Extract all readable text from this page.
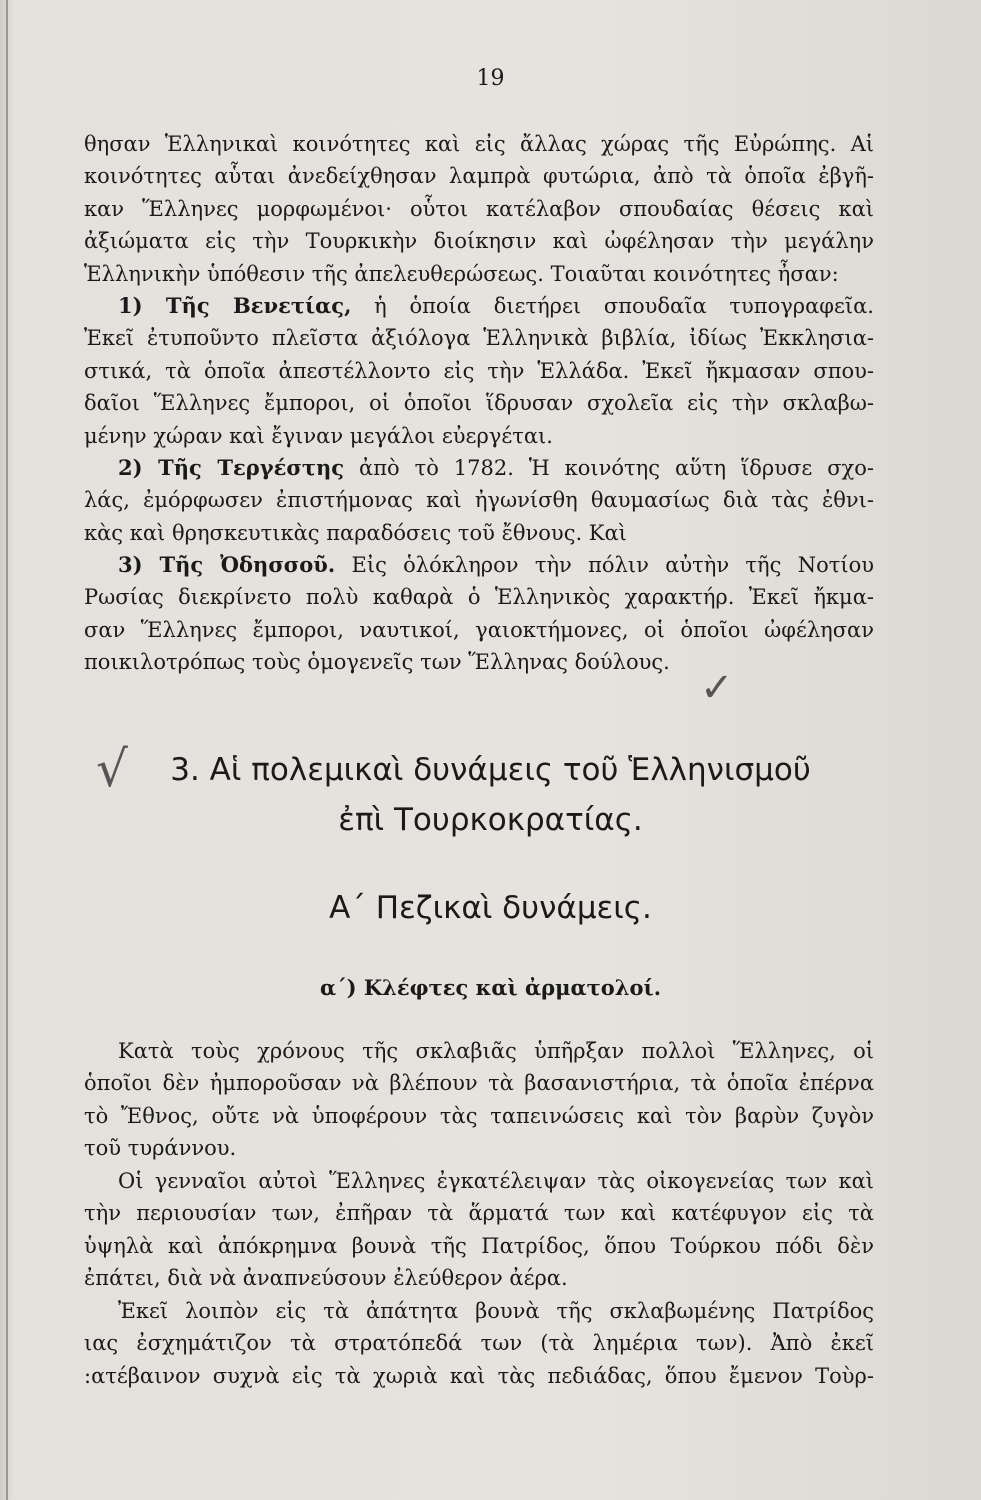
19
θησαν Ἑλληνικαὶ κοινότητες καὶ εἰς ἄλλας χώρας τῆς Εὐρώπης. Αἱ
κοινότητες αὗται ἀνεδείχθησαν λαμπρὰ φυτώρια, ἀπὸ τὰ ὁποῖα ἐβγῆ-
καν Ἕλληνες μορφωμένοι· οὗτοι κατέλαβον σπουδαίας θέσεις καὶ
ἀξιώματα εἰς τὴν Τουρκικὴν διοίκησιν καὶ ὠφέλησαν τὴν μεγάλην
Ἑλληνικὴν ὑπόθεσιν τῆς ἀπελευθερώσεως. Τοιαῦται κοινότητες ἦσαν:
1) Τῆς Βενετίας, ἡ ὁποία διετήρει σπουδαῖα τυπογραφεῖα.
Ἐκεῖ ἐτυποῦντο πλεῖστα ἀξιόλογα Ἑλληνικὰ βιβλία, ἰδίως Ἐκκλησια-
στικά, τὰ ὁποῖα ἀπεστέλλοντο εἰς τὴν Ἑλλάδα. Ἐκεῖ ἤκμασαν σπου-
δαῖοι Ἕλληνες ἔμποροι, οἱ ὁποῖοι ἵδρυσαν σχολεῖα εἰς τὴν σκλαβω-
μένην χώραν καὶ ἔγιναν μεγάλοι εὐεργέται.
2) Τῆς Τεργέστης ἀπὸ τὸ 1782. Ἡ κοινότης αὕτη ἵδρυσε σχο-
λάς, ἐμόρφωσεν ἐπιστήμονας καὶ ἠγωνίσθη θαυμασίως διὰ τὰς ἐθνι-
κὰς καὶ θρησκευτικὰς παραδόσεις τοῦ ἔθνους. Καὶ
3) Τῆς Ὀδησσοῦ. Εἰς ὁλόκληρον τὴν πόλιν αὐτὴν τῆς Νοτίου
Ρωσίας διεκρίνετο πολὺ καθαρὰ ὁ Ἑλληνικὸς χαρακτήρ. Ἐκεῖ ἤκμα-
σαν Ἕλληνες ἔμποροι, ναυτικοί, γαιοκτήμονες, οἱ ὁποῖοι ὠφέλησαν
ποικιλοτρόπως τοὺς ὁμογενεῖς των Ἕλληνας δούλους.
✓
√	3. Αἱ πολεμικαὶ δυνάμεις τοῦ Ἑλληνισμοῦ
ἐπὶ Τουρκοκρατίας.
Α΄ Πεζικαὶ δυνάμεις.
α΄) Κλέφτες καὶ ἀρματολοί.
Κατὰ τοὺς χρόνους τῆς σκλαβιᾶς ὑπῆρξαν πολλοὶ Ἕλληνες, οἱ
ὁποῖοι δὲν ἠμποροῦσαν νὰ βλέπουν τὰ βασανιστήρια, τὰ ὁποῖα ἐπέρνα
τὸ Ἔθνος, οὔτε νὰ ὑποφέρουν τὰς ταπεινώσεις καὶ τὸν βαρὺν ζυγὸν
τοῦ τυράννου.
Οἱ γενναῖοι αὐτοὶ Ἕλληνες ἐγκατέλειψαν τὰς οἰκογενείας των καὶ
τὴν περιουσίαν των, ἐπῆραν τὰ ἅρματά των καὶ κατέφυγον εἰς τὰ
ὑψηλὰ καὶ ἀπόκρημνα βουνὰ τῆς Πατρίδος, ὅπου Τούρκου πόδι δὲν
ἐπάτει, διὰ νὰ ἀναπνεύσουν ἐλεύθερον ἀέρα.
Ἐκεῖ λοιπὸν εἰς τὰ ἀπάτητα βουνὰ τῆς σκλαβωμένης Πατρίδος
ιας ἐσχημάτιζον τὰ στρατόπεδά των (τὰ λημέρια των). Ἀπὸ ἐκεῖ
:ατέβαινον συχνὰ εἰς τὰ χωριὰ καὶ τὰς πεδιάδας, ὅπου ἔμενον Τοὺρ-
